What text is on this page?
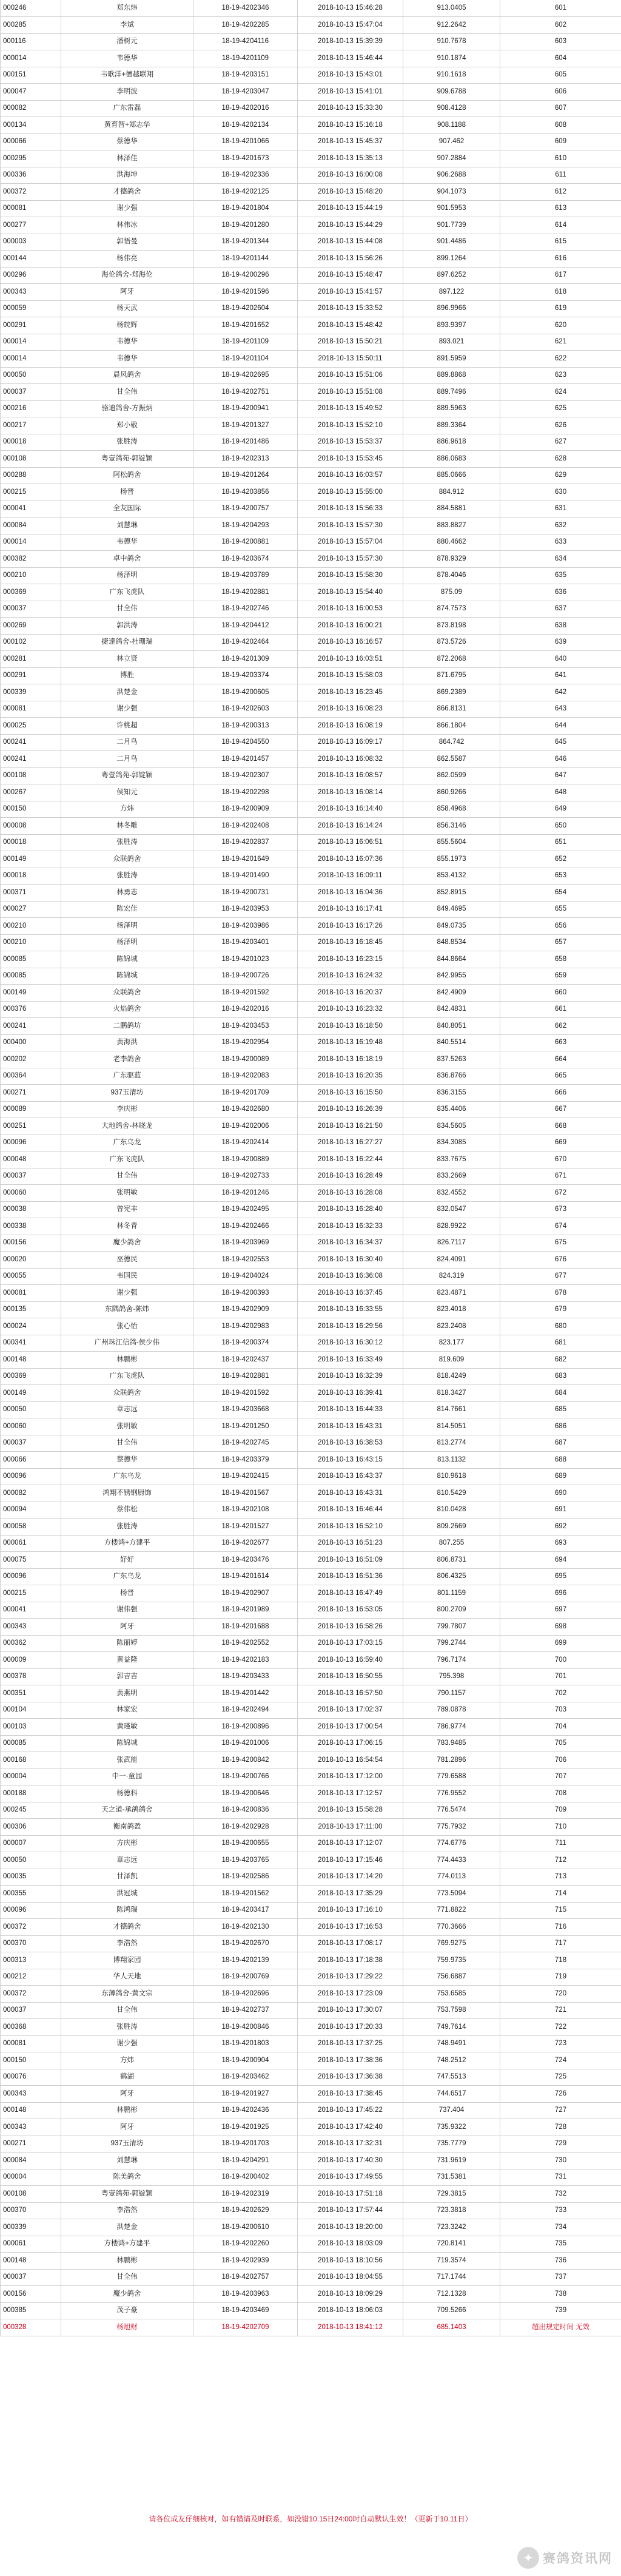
000246	郑东炜	18-19-4202346	2018-10-13 15:46:28	913.0405	601
000285	李斌	18-19-4202285	2018-10-13 15:47:04	912.2642	602
000116	潘树元	18-19-4204116	2018-10-13 15:39:39	910.7678	603
000014	韦德华	18-19-4201109	2018-10-13 15:46:44	910.1874	604
000151	韦歌洋+德越联翔	18-19-4203151	2018-10-13 15:43:01	910.1618	605
000047	李明波	18-19-4203047	2018-10-13 15:41:01	909.6788	606
000082	广东雷磊	18-19-4202016	2018-10-13 15:33:30	908.4128	607
000134	黄育智+郑志华	18-19-4202134	2018-10-13 15:16:18	908.1188	608
000066	蔡德华	18-19-4201066	2018-10-13 15:45:37	907.462	609
000295	林泽佳	18-19-4201673	2018-10-13 15:35:13	907.2884	610
000336	洪海坤	18-19-4202336	2018-10-13 16:00:08	906.2688	611
000372	才德鸽舍	18-19-4202125	2018-10-13 15:48:20	904.1073	612
000081	谢少强	18-19-4201804	2018-10-13 15:44:19	901.5953	613
000277	林伟冰	18-19-4201280	2018-10-13 15:44:29	901.7739	614
000003	郭悟曼	18-19-4201344	2018-10-13 15:44:08	901.4486	615
000144	杨伟亮	18-19-4201144	2018-10-13 15:56:26	899.1264	616
000296	海伦鸽舍-郑海伦	18-19-4200296	2018-10-13 15:48:47	897.6252	617
000343	阿牙	18-19-4201596	2018-10-13 15:41:57	897.122	618
000059	杨天武	18-19-4202604	2018-10-13 15:33:52	896.9966	619
000291	杨皖辉	18-19-4201652	2018-10-13 15:48:42	893.9397	620
000014	韦德华	18-19-4201109	2018-10-13 15:50:21	893.021	621
000014	韦德华	18-19-4201104	2018-10-13 15:50:11	891.5959	622
000050	晨风鸽舍	18-19-4202695	2018-10-13 15:51:06	889.8868	623
000037	甘全伟	18-19-4202751	2018-10-13 15:51:08	889.7496	624
000216	骆迪鸽舍-方振炳	18-19-4200941	2018-10-13 15:49:52	889.5963	625
000217	郑小敬	18-19-4201327	2018-10-13 15:52:10	889.3364	626
000018	张胜涛	18-19-4201486	2018-10-13 15:53:37	886.9618	627
000108	粤壹鸽苑-郭锭颖	18-19-4202313	2018-10-13 15:53:45	886.0683	628
000288	阿松鸽舍	18-19-4201264	2018-10-13 16:03:57	885.0666	629
000215	杨晋	18-19-4203856	2018-10-13 15:55:00	884.912	630
000041	全友国际	18-19-4200757	2018-10-13 15:56:33	884.5881	631
000084	刘慧琳	18-19-4204293	2018-10-13 15:57:30	883.8827	632
000014	韦德华	18-19-4200881	2018-10-13 15:57:04	880.4662	633
000382	卓中鸽舍	18-19-4203674	2018-10-13 15:57:30	878.9329	634
000210	杨泽明	18-19-4203789	2018-10-13 15:58:30	878.4046	635
000369	广东飞虎队	18-19-4202881	2018-10-13 15:54:40	875.09	636
000037	甘全伟	18-19-4202746	2018-10-13 16:00:53	874.7573	637
000269	郭洪涛	18-19-4204412	2018-10-13 16:00:21	873.8198	638
000102	捷達鸽舍-杜珊瑞	18-19-4202464	2018-10-13 16:16:57	873.5726	639
000281	林立贤	18-19-4201309	2018-10-13 16:03:51	872.2068	640
000291	博胜	18-19-4203374	2018-10-13 15:58:03	871.6795	641
000339	洪楚金	18-19-4200605	2018-10-13 16:23:45	869.2389	642
000081	谢少强	18-19-4202603	2018-10-13 16:08:23	866.8131	643
000025	许桃超	18-19-4200313	2018-10-13 16:08:19	866.1804	644
000241	二月鸟	18-19-4204550	2018-10-13 16:09:17	864.742	645
000241	二月鸟	18-19-4201457	2018-10-13 16:08:32	862.5587	646
000108	粤壹鸽苑-郭锭颖	18-19-4202307	2018-10-13 16:08:57	862.0599	647
000267	侯知元	18-19-4202298	2018-10-13 16:08:14	860.9266	648
000150	方炜	18-19-4200909	2018-10-13 16:14:40	858.4968	649
000008	林冬雕	18-19-4202408	2018-10-13 16:14:24	856.3146	650
000018	张胜涛	18-19-4202837	2018-10-13 16:06:51	855.5604	651
000149	众联鸽舍	18-19-4201649	2018-10-13 16:07:36	855.1973	652
000018	张胜涛	18-19-4201490	2018-10-13 16:09:11	853.4132	653
000371	林勇志	18-19-4200731	2018-10-13 16:04:36	852.8915	654
000027	陈宏佳	18-19-4203953	2018-10-13 16:17:41	849.4695	655
000210	杨泽明	18-19-4203986	2018-10-13 16:17:26	849.0735	656
000210	杨泽明	18-19-4203401	2018-10-13 16:18:45	848.8534	657
000085	陈锦城	18-19-4201023	2018-10-13 16:23:15	844.8664	658
000085	陈锦城	18-19-4200726	2018-10-13 16:24:32	842.9955	659
000149	众联鸽舍	18-19-4201592	2018-10-13 16:20:37	842.4909	660
000376	火焰鸽舍	18-19-4202016	2018-10-13 16:23:32	842.4831	661
000241	二鹏鸽坊	18-19-4203453	2018-10-13 16:18:50	840.8051	662
000400	黄海洪	18-19-4202954	2018-10-13 16:19:48	840.5514	663
000202	老李鸽舍	18-19-4200089	2018-10-13 16:18:19	837.5263	664
000364	广东驱蓝	18-19-4202083	2018-10-13 16:20:35	836.8766	665
000271	937玉清坊	18-19-4201709	2018-10-13 16:15:50	836.3155	666
000089	李庆彬	18-19-4202680	2018-10-13 16:26:39	835.4406	667
000251	大地鸽舍-林晓龙	18-19-4202006	2018-10-13 16:21:50	834.5605	668
000096	广东乌龙	18-19-4202414	2018-10-13 16:27:27	834.3085	669
000048	广东飞虎队	18-19-4200889	2018-10-13 16:22:44	833.7675	670
000037	甘全伟	18-19-4202733	2018-10-13 16:28:49	833.2669	671
000060	张明敏	18-19-4201246	2018-10-13 16:28:08	832.4552	672
000038	曾宪丰	18-19-4202495	2018-10-13 16:28:40	832.0547	673
000338	林冬青	18-19-4202466	2018-10-13 16:32:33	828.9922	674
000156	魔少鸽舍	18-19-4203969	2018-10-13 16:34:37	826.7117	675
000020	巫德民	18-19-4202553	2018-10-13 16:30:40	824.4091	676
000055	韦国民	18-19-4204024	2018-10-13 16:36:08	824.319	677
000081	谢少强	18-19-4200393	2018-10-13 16:37:45	823.4871	678
000135	东隅鸽舍-陈炜	18-19-4202909	2018-10-13 16:33:55	823.4018	679
000024	张心怡	18-19-4202983	2018-10-13 16:29:56	823.2408	680
000341	广州珠江信鸽-侯少伟	18-19-4200374	2018-10-13 16:30:12	823.177	681
000148	林鹏彬	18-19-4202437	2018-10-13 16:33:49	819.609	682
000369	广东飞虎队	18-19-4202881	2018-10-13 16:32:39	818.4249	683
000149	众联鸽舍	18-19-4201592	2018-10-13 16:39:41	818.3427	684
000050	章志远	18-19-4203668	2018-10-13 16:44:33	814.7661	685
000060	张明敏	18-19-4201250	2018-10-13 16:43:31	814.5051	686
000037	甘全伟	18-19-4202745	2018-10-13 16:38:53	813.2774	687
000066	蔡德华	18-19-4203379	2018-10-13 16:43:15	813.1132	688
000096	广东乌龙	18-19-4202415	2018-10-13 16:43:37	810.9618	689
000082	鸿翔不锈钢厨饰	18-19-4201567	2018-10-13 16:43:31	810.5429	690
000094	蔡伟松	18-19-4202108	2018-10-13 16:46:44	810.0428	691
000058	张胜涛	18-19-4201527	2018-10-13 16:52:10	809.2669	692
000061	方楼鸿+方建平	18-19-4202677	2018-10-13 16:51:23	807.255	693
000075	好好	18-19-4203476	2018-10-13 16:51:09	806.8731	694
000096	广东乌龙	18-19-4201614	2018-10-13 16:51:36	806.4325	695
000215	杨晋	18-19-4202907	2018-10-13 16:47:49	801.1159	696
000041	谢伟强	18-19-4201989	2018-10-13 16:53:05	800.2709	697
000343	阿牙	18-19-4201688	2018-10-13 16:58:26	799.7807	698
000362	陈丽婷	18-19-4202552	2018-10-13 17:03:15	799.2744	699
000009	黄益隆	18-19-4202183	2018-10-13 16:59:40	796.7174	700
000378	郭吉吉	18-19-4203433	2018-10-13 16:50:55	795.398	701
000351	黄燕明	18-19-4201442	2018-10-13 16:57:50	790.1157	702
000104	林家宏	18-19-4202494	2018-10-13 17:02:37	789.0878	703
000103	黄瑾敏	18-19-4200896	2018-10-13 17:00:54	786.9774	704
000085	陈锦城	18-19-4201006	2018-10-13 17:06:15	783.9485	705
000168	张武能	18-19-4200842	2018-10-13 16:54:54	781.2896	706
000004	中一·童园	18-19-4200766	2018-10-13 17:12:00	779.6588	707
000188	杨德科	18-19-4200646	2018-10-13 17:12:57	776.9552	708
000245	天之道-承鸽鸽舍	18-19-4200836	2018-10-13 15:58:28	776.5474	709
000306	衡南鸽盈	18-19-4202928	2018-10-13 17:11:00	775.7932	710
000007	方庆彬	18-19-4200655	2018-10-13 17:12:07	774.6776	711
000050	章志远	18-19-4203765	2018-10-13 17:15:46	774.4433	712
000035	甘泽凯	18-19-4202586	2018-10-13 17:14:20	774.0113	713
000355	洪冠城	18-19-4201562	2018-10-13 17:35:29	773.5094	714
000096	陈鸿瑞	18-19-4203417	2018-10-13 17:16:10	771.8822	715
000372	才德鸽舍	18-19-4202130	2018-10-13 17:16:53	770.3666	716
000370	李浩然	18-19-4202670	2018-10-13 17:08:17	769.9275	717
000313	博翔家园	18-19-4202139	2018-10-13 17:18:38	759.9735	718
000212	华人天地	18-19-4200769	2018-10-13 17:29:22	756.6887	719
000372	东薄鸽舍-黄文宗	18-19-4202696	2018-10-13 17:23:09	753.6585	720
000037	甘全伟	18-19-4202737	2018-10-13 17:30:07	753.7598	721
000368	张胜涛	18-19-4200846	2018-10-13 17:20:33	749.7614	722
000081	谢少强	18-19-4201803	2018-10-13 17:37:25	748.9491	723
000150	方炜	18-19-4200904	2018-10-13 17:38:36	748.2512	724
000076	鹤湖	18-19-4203462	2018-10-13 17:36:38	747.5513	725
000343	阿牙	18-19-4201927	2018-10-13 17:38:45	744.6517	726
000148	林鹏彬	18-19-4202436	2018-10-13 17:45:22	737.404	727
000343	阿牙	18-19-4201925	2018-10-13 17:42:40	735.9322	728
000271	937玉清坊	18-19-4201703	2018-10-13 17:32:31	735.7779	729
000084	刘慧琳	18-19-4204291	2018-10-13 17:40:30	731.9619	730
000004	陈美鸽舍	18-19-4200402	2018-10-13 17:49:55	731.5381	731
000108	粤壹鸽苑-郭锭颖	18-19-4202319	2018-10-13 17:51:18	729.3815	732
000370	李浩然	18-19-4202629	2018-10-13 17:57:44	723.3818	733
000339	洪楚金	18-19-4200610	2018-10-13 18:20:00	723.3242	734
000061	方楼鸿+方建平	18-19-4202260	2018-10-13 18:03:09	720.8141	735
000148	林鹏彬	18-19-4202939	2018-10-13 18:10:56	719.3574	736
000037	甘全伟	18-19-4202757	2018-10-13 18:04:55	717.1744	737
000156	魔少鸽舍	18-19-4203963	2018-10-13 18:09:29	712.1328	738
000385	茂子豪	18-19-4203469	2018-10-13 18:06:03	709.5266	739
000328	杨旭财	18-19-4202709	2018-10-13 18:41:12	685.1403	超出规定时间 无效
请各位成友仔细核对，如有错请及时联系，如没错10.15日24:00时自动默认生效！（更新于10.11日）
✦ 赛鸽资讯网
